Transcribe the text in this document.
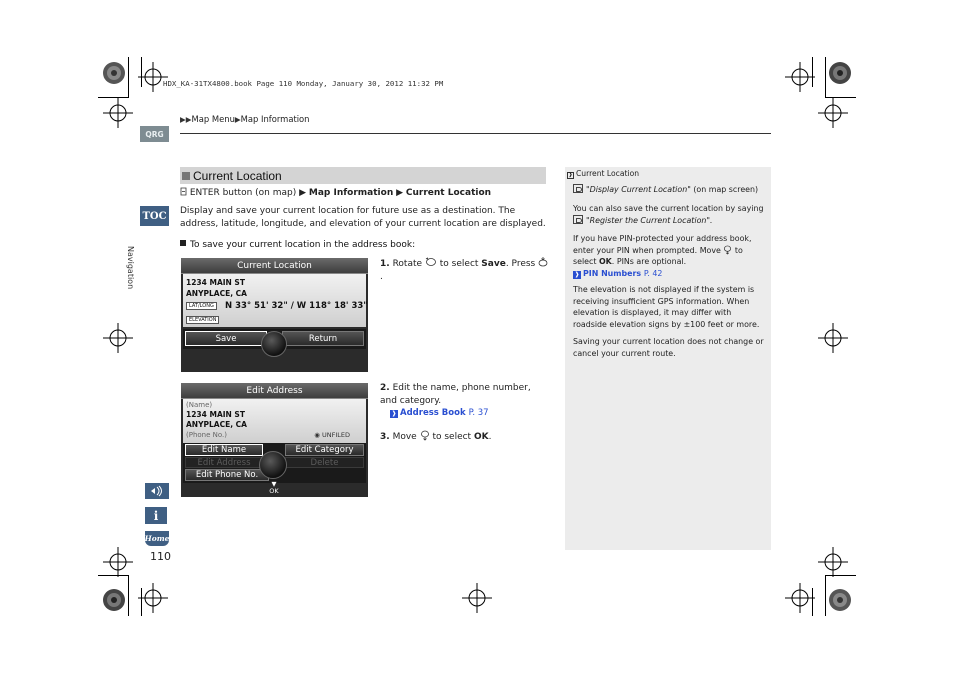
HDX_KA-31TX4800.book Page 110 Monday, January 30, 2012 11:32 PM
▶▶Map Menu▶Map Information
QRG
TOC
Navigation
i
Home
110
Current Location
ENTER button (on map) ▶ Map Information ▶ Current Location
Display and save your current location for future use as a destination. The address, latitude, longitude, and elevation of your current location are displayed.
To save your current location in the address book:
Current Location
1234 MAIN ST
ANYPLACE, CA
LAT/LONG	N 33° 51' 32" / W 118° 18' 33"
ELEVATION
Save	Return
1. Rotate to select Save. Press .
Edit Address
(Name)
1234 MAIN ST
ANYPLACE, CA
(Phone No.)	◉ UNFILED
Edit Name	Edit Category
Edit Address	Delete
Edit Phone No.
▼
OK
2. Edit the name, phone number, and category.
❱ Address Book P. 37
3. Move to select OK.
❱ Current Location
"Display Current Location" (on map screen)
You can also save the current location by saying
"Register the Current Location".
If you have PIN-protected your address book, enter your PIN when prompted. Move to select OK. PINs are optional.
❱ PIN Numbers P. 42
The elevation is not displayed if the system is receiving insufficient GPS information. When elevation is displayed, it may differ with roadside elevation signs by ±100 feet or more.
Saving your current location does not change or cancel your current route.
